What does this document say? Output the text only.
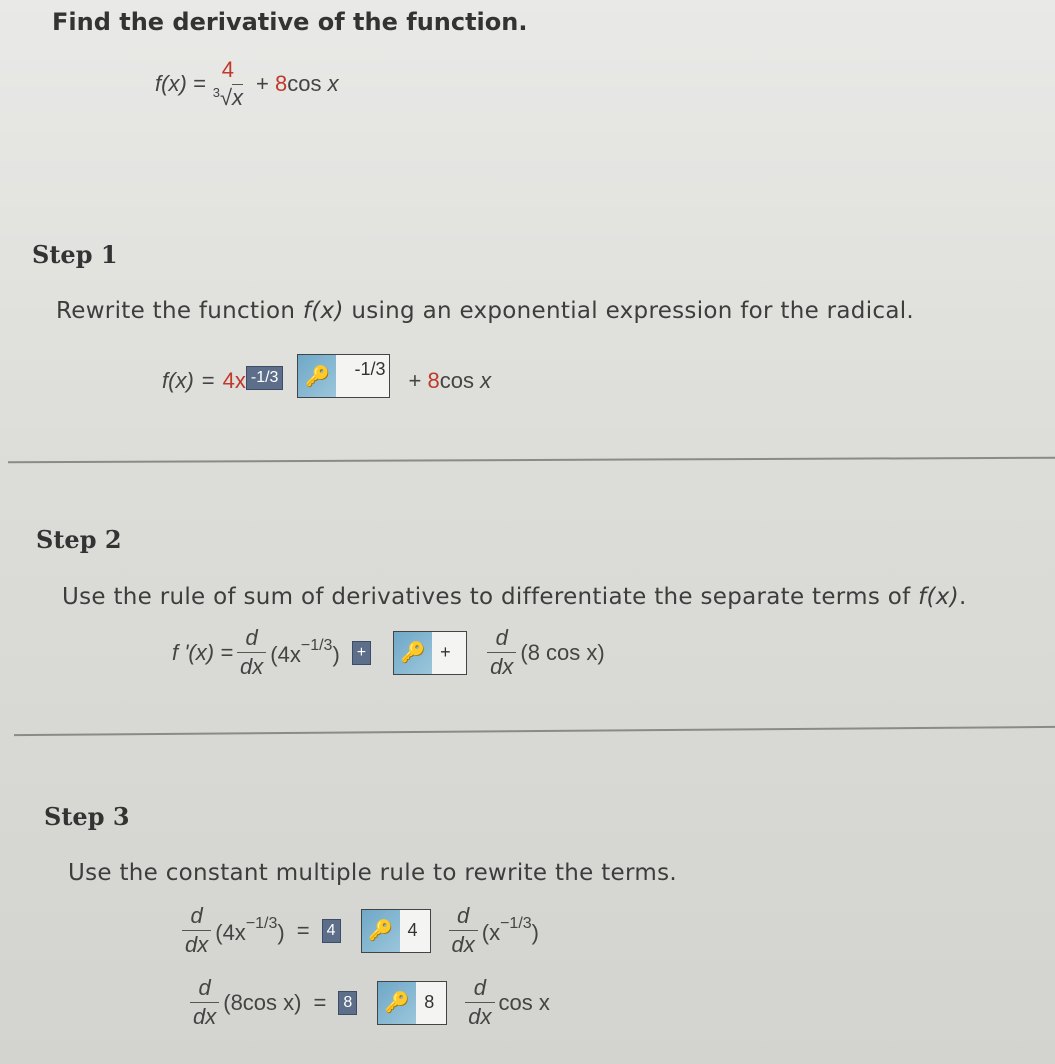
Find the derivative of the function.
f(x) =
4
$^3$√x
+ 8cos x
Step 1
Rewrite the function f(x) using an exponential expression for the radical.
f(x) = 4x -1/3	🔑	-1/3 + 8cos x
Step 2
Use the rule of sum of derivatives to differentiate the separate terms of f(x).
f '$(x) = \frac{d}{dx} (4x^{-1/3})$	+	🔑 +	$\frac{d}{dx} (8$ cos x)
Step 3
Use the constant multiple rule to rewrite the terms.
$\frac{d}{dx} (4x^{-1/3})$ =	4	🔑 4	$\frac{d}{dx} (x^{-1/3})$
$\frac{d}{dx} (8\cos$ x) =	8	🔑 8	$\frac{d}{dx}$ cos x
